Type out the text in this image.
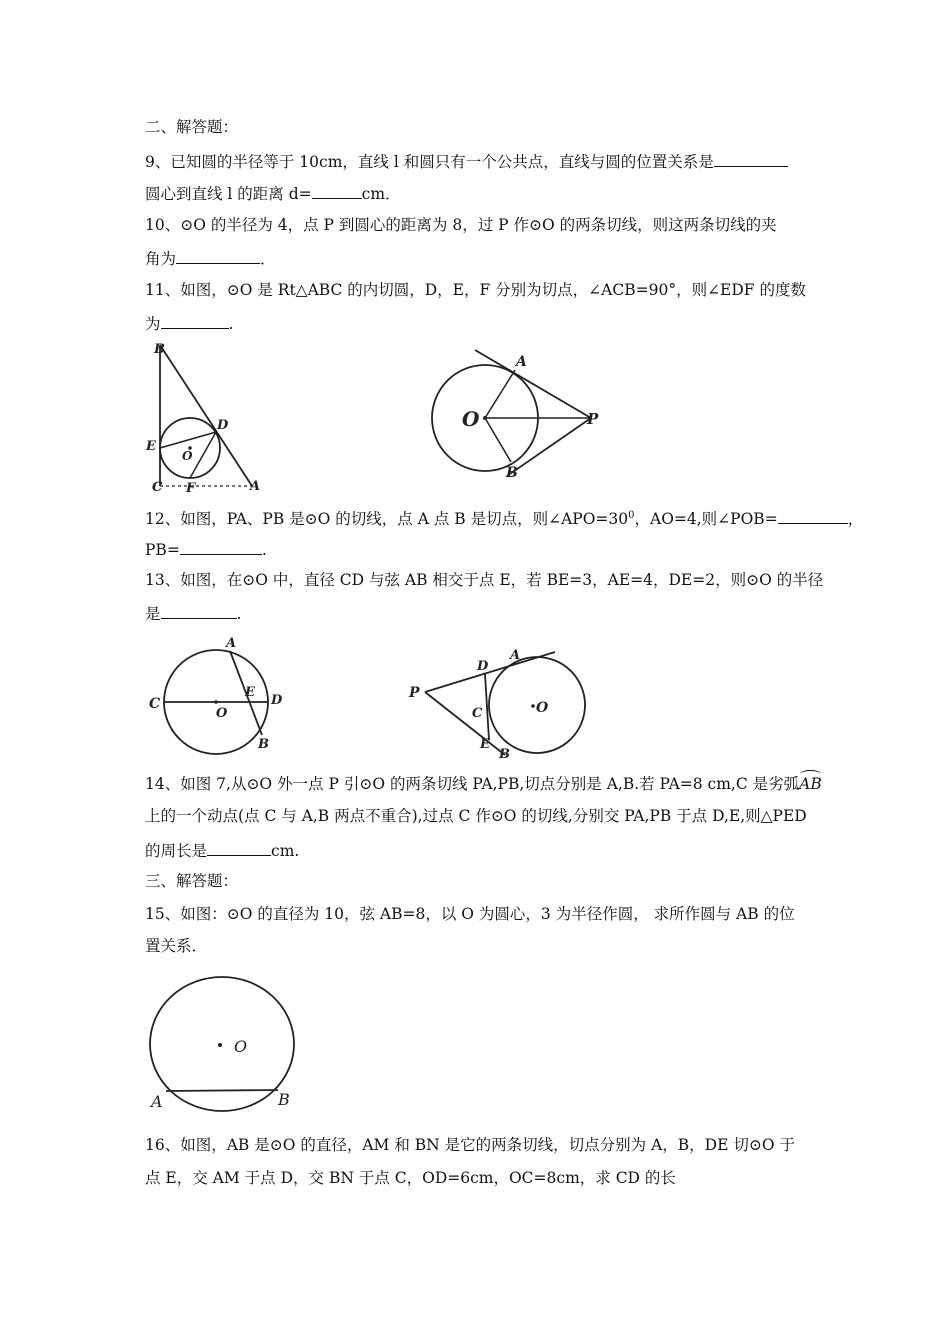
二、解答题：
9、已知圆的半径等于 10cm，直线 l 和圆只有一个公共点，直线与圆的位置关系是
圆心到直线 l 的距离 d=	cm．
10、⊙O 的半径为 4，点 P 到圆心的距离为 8，过 P 作⊙O 的两条切线，则这两条切线的夹
角为	．
11、如图，⊙O 是 Rt△ABC 的内切圆，D，E，F 分别为切点，∠ACB=90°，则∠EDF 的度数
为	.
B
E
D
O
C F	A
A
O	P
B
12、如图，PA、PB 是⊙O 的切线，点 A 点 B 是切点，则$\angle APO=30^0$，AO=4,则∠POB=	，
PB=	.
13、如图，在⊙O 中，直径 CD 与弦 AB 相交于点 E，若 BE=3，AE=4，DE=2，则⊙O 的半径
是	.
A
C
O
E
D
B
D
A
P
C	O
E
B
14、如图 7,从⊙O 外一点 P 引⊙O 的两条切线 PA,PB,切点分别是 A,B.若 PA=8 cm,C 是劣弧AB
上的一个动点(点 C 与 A,B 两点不重合),过点 C 作⊙O 的切线,分别交 PA,PB 于点 D,E,则△PED
的周长是	cm.
三、解答题：
15、如图：⊙O 的直径为 10，弦 AB=8，以 O 为圆心，3 为半径作圆， 求所作圆与 AB 的位
置关系．
O
A	B
16、如图，AB 是⊙O 的直径，AM 和 BN 是它的两条切线，切点分别为 A，B，DE 切⊙O 于
点 E，交 AM 于点 D，交 BN 于点 C，OD=6cm，OC=8cm，求 CD 的长
